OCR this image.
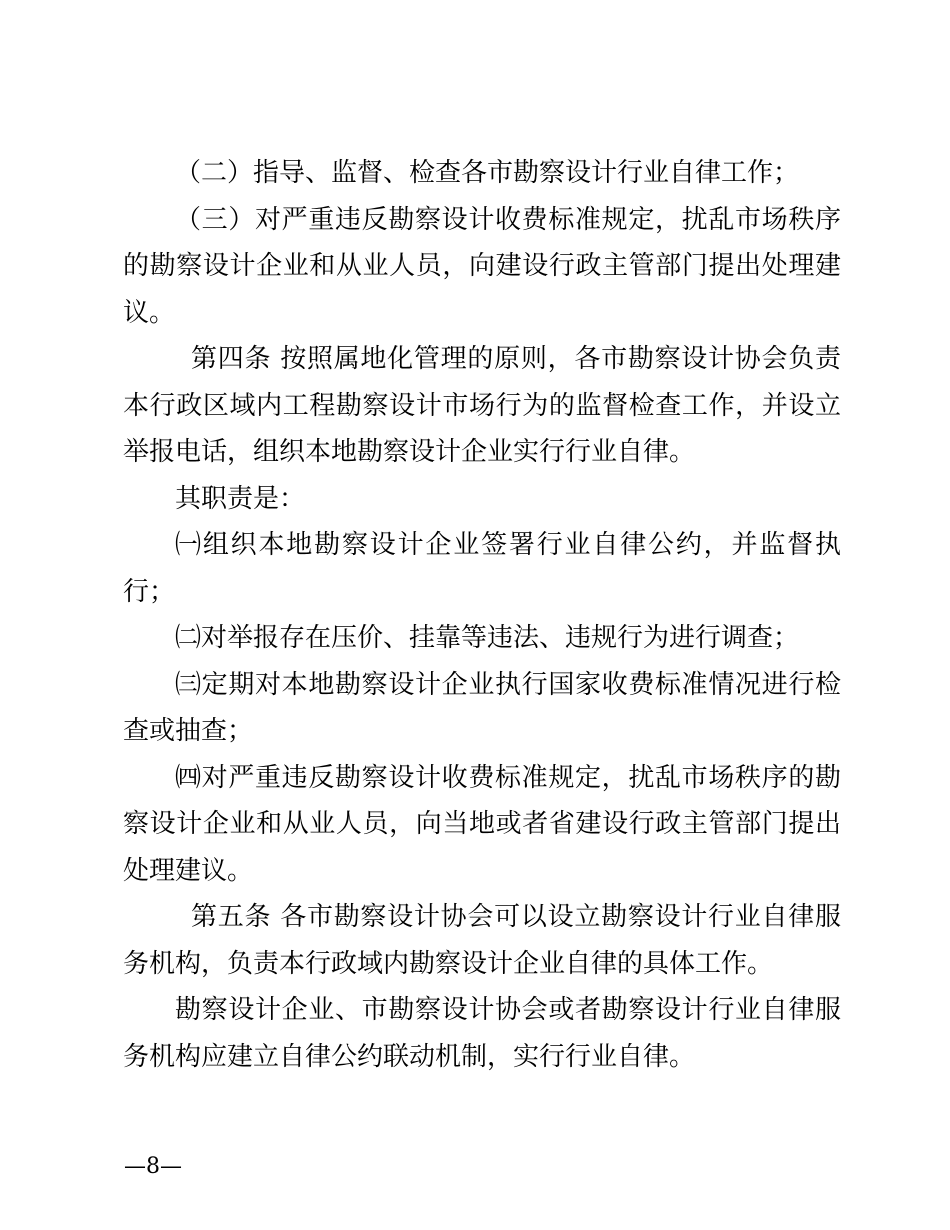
（二）指导、监督、检查各市勘察设计行业自律工作；

（三）对严重违反勘察设计收费标准规定，扰乱市场秩序的勘察设计企业和从业人员，向建设行政主管部门提出处理建议。

第四条 按照属地化管理的原则，各市勘察设计协会负责本行政区域内工程勘察设计市场行为的监督检查工作，并设立举报电话，组织本地勘察设计企业实行行业自律。

其职责是：

㈠组织本地勘察设计企业签署行业自律公约，并监督执行；

㈡对举报存在压价、挂靠等违法、违规行为进行调查；

㈢定期对本地勘察设计企业执行国家收费标准情况进行检查或抽查；

㈣对严重违反勘察设计收费标准规定，扰乱市场秩序的勘察设计企业和从业人员，向当地或者省建设行政主管部门提出处理建议。

第五条 各市勘察设计协会可以设立勘察设计行业自律服务机构，负责本行政域内勘察设计企业自律的具体工作。

勘察设计企业、市勘察设计协会或者勘察设计行业自律服务机构应建立自律公约联动机制，实行行业自律。

—8—
